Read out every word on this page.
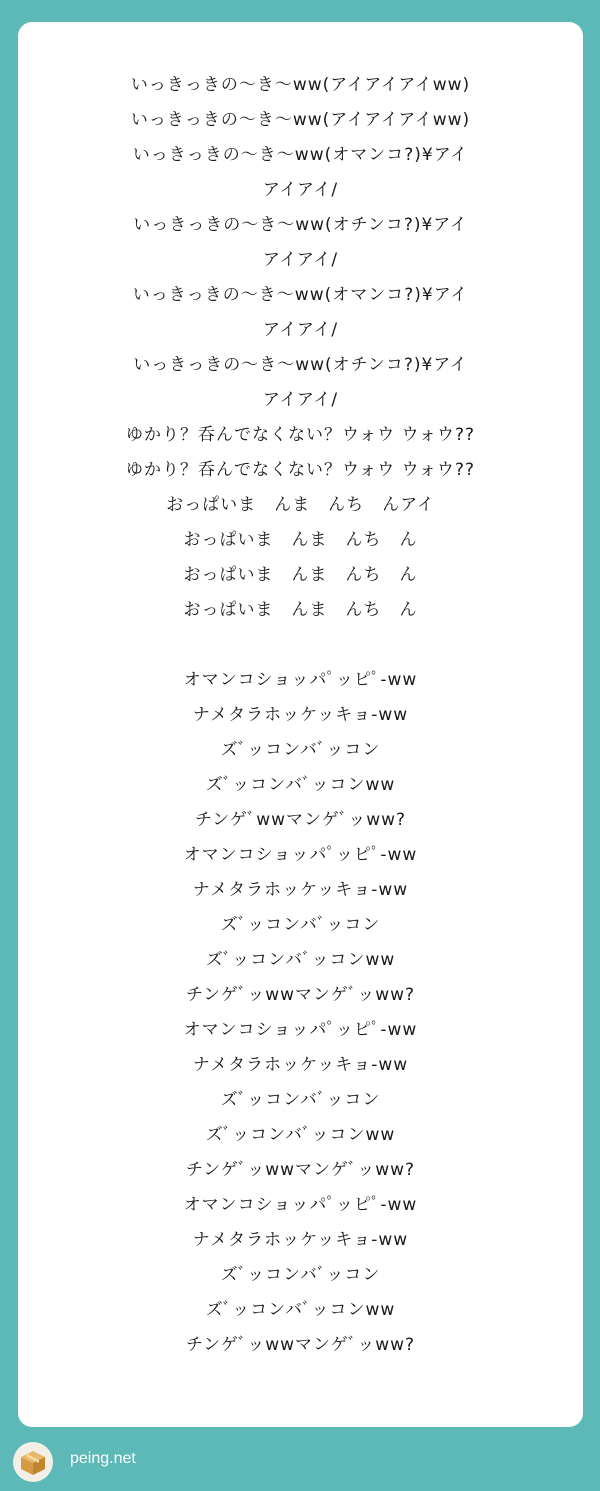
いっきっきの〜き〜ww(アイアイアイww)
いっきっきの〜き〜ww(アイアイアイww)
いっきっきの〜き〜ww(オマンコ?)¥アイ
アイアイ/
いっきっきの〜き〜ww(オチンコ?)¥アイ
アイアイ/
いっきっきの〜き〜ww(オマンコ?)¥アイ
アイアイ/
いっきっきの〜き〜ww(オチンコ?)¥アイ
アイアイ/
ゆかり？呑んでなくない？ウォウ ウォウ??
ゆかり？呑んでなくない？ウォウ ウォウ??
おっぱいま　んま　んち　んアイ
おっぱいま　んま　んち　ん
おっぱいま　んま　んち　ん
おっぱいま　んま　んち　ん
オマンコショッパﾟッピﾟ-ww
ナメタラホッケッキョ-ww
ズﾞッコンバﾞッコン
ズﾞッコンバﾞッコンww
チンゲﾞwwマンゲﾞッww?
オマンコショッパﾟッピﾟ-ww
ナメタラホッケッキョ-ww
ズﾞッコンバﾞッコン
ズﾞッコンバﾞッコンww
チンゲﾞッwwマンゲﾞッww?
オマンコショッパﾟッピﾟ-ww
ナメタラホッケッキョ-ww
ズﾞッコンバﾞッコン
ズﾞッコンバﾞッコンww
チンゲﾞッwwマンゲﾞッww?
オマンコショッパﾟッピﾟ-ww
ナメタラホッケッキョ-ww
ズﾞッコンバﾞッコン
ズﾞッコンバﾞッコンww
チンゲﾞッwwマンゲﾞッww?
peing.net
